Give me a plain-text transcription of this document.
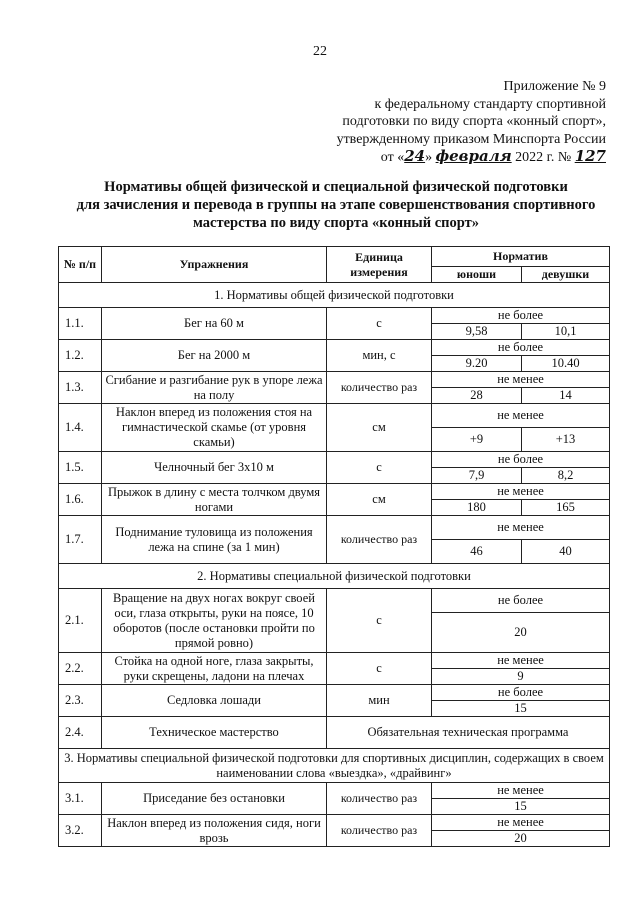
22
Приложение № 9
к федеральному стандарту спортивной
подготовки по виду спорта «конный спорт»,
утвержденному приказом Минспорта России
от «24» февраля 2022 г. № 127
Нормативы общей физической и специальной физической подготовки
для зачисления и перевода в группы на этапе совершенствования спортивного
мастерства по виду спорта «конный спорт»
№ п/п	Упражнения	Единица измерения	Норматив	
			юноши	девушки
1. Нормативы общей физической подготовки				
1.1.	Бег на 60 м	с	не более	
			9,58	10,1
1.2.	Бег на 2000 м	мин, с	не более	
			9.20	10.40
1.3.	Сгибание и разгибание рук в упоре лежа на полу	количество раз	не менее	
			28	14
1.4.	Наклон вперед из положения стоя на гимнастической скамье (от уровня скамьи)	см	не менее	
			+9	+13
1.5.	Челночный бег 3х10 м	с	не более	
			7,9	8,2
1.6.	Прыжок в длину с места толчком двумя ногами	см	не менее	
			180	165
1.7.	Поднимание туловища из положения лежа на спине (за 1 мин)	количество раз	не менее	
			46	40
2. Нормативы специальной физической подготовки				
2.1.	Вращение на двух ногах вокруг своей оси, глаза открыты, руки на поясе, 10 оборотов (после остановки пройти по прямой ровно)	с	не более	
			20	
2.2.	Стойка на одной ноге, глаза закрыты, руки скрещены, ладони на плечах	с	не менее	
			9	
2.3.	Седловка лошади	мин	не более	
			15	
2.4.	Техническое мастерство	Обязательная техническая программа		
3. Нормативы специальной физической подготовки для спортивных дисциплин, содержащих в своем наименовании слова «выездка», «драйвинг»				
3.1.	Приседание без остановки	количество раз	не менее	
			15	
3.2.	Наклон вперед из положения сидя, ноги врозь	количество раз	не менее	
			20	
